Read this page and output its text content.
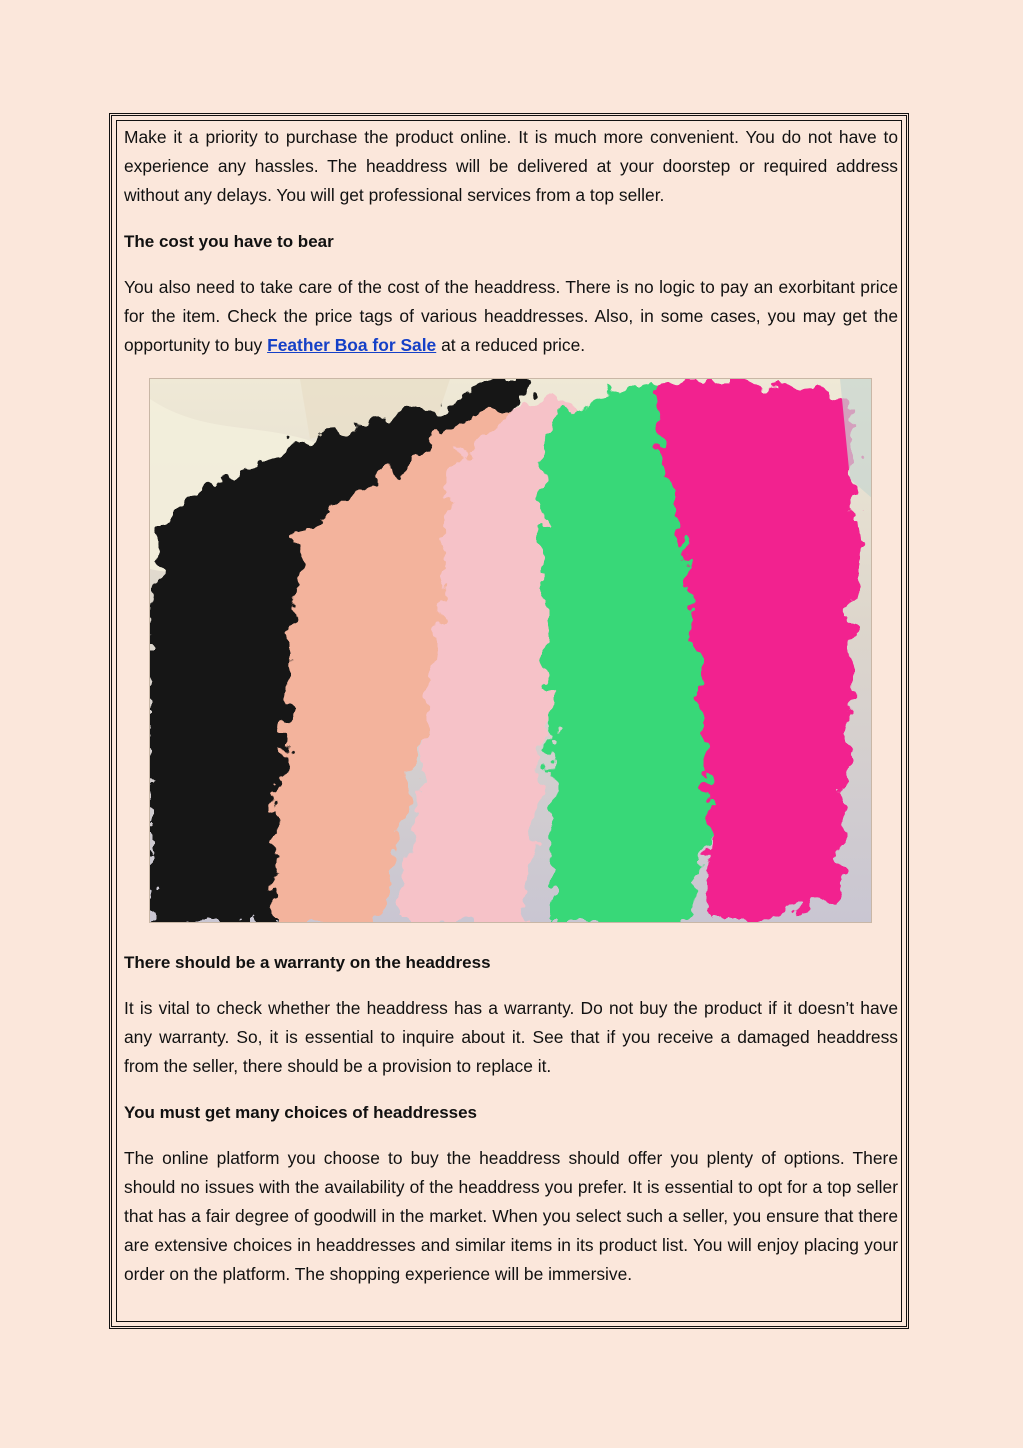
Make it a priority to purchase the product online. It is much more convenient. You do not have to experience any hassles. The headdress will be delivered at your doorstep or required address without any delays. You will get professional services from a top seller.

The cost you have to bear

You also need to take care of the cost of the headdress. There is no logic to pay an exorbitant price for the item. Check the price tags of various headdresses. Also, in some cases, you may get the opportunity to buy Feather Boa for Sale at a reduced price.

There should be a warranty on the headdress

It is vital to check whether the headdress has a warranty. Do not buy the product if it doesn’t have any warranty. So, it is essential to inquire about it. See that if you receive a damaged headdress from the seller, there should be a provision to replace it.

You must get many choices of headdresses

The online platform you choose to buy the headdress should offer you plenty of options. There should no issues with the availability of the headdress you prefer. It is essential to opt for a top seller that has a fair degree of goodwill in the market. When you select such a seller, you ensure that there are extensive choices in headdresses and similar items in its product list. You will enjoy placing your order on the platform. The shopping experience will be immersive.
